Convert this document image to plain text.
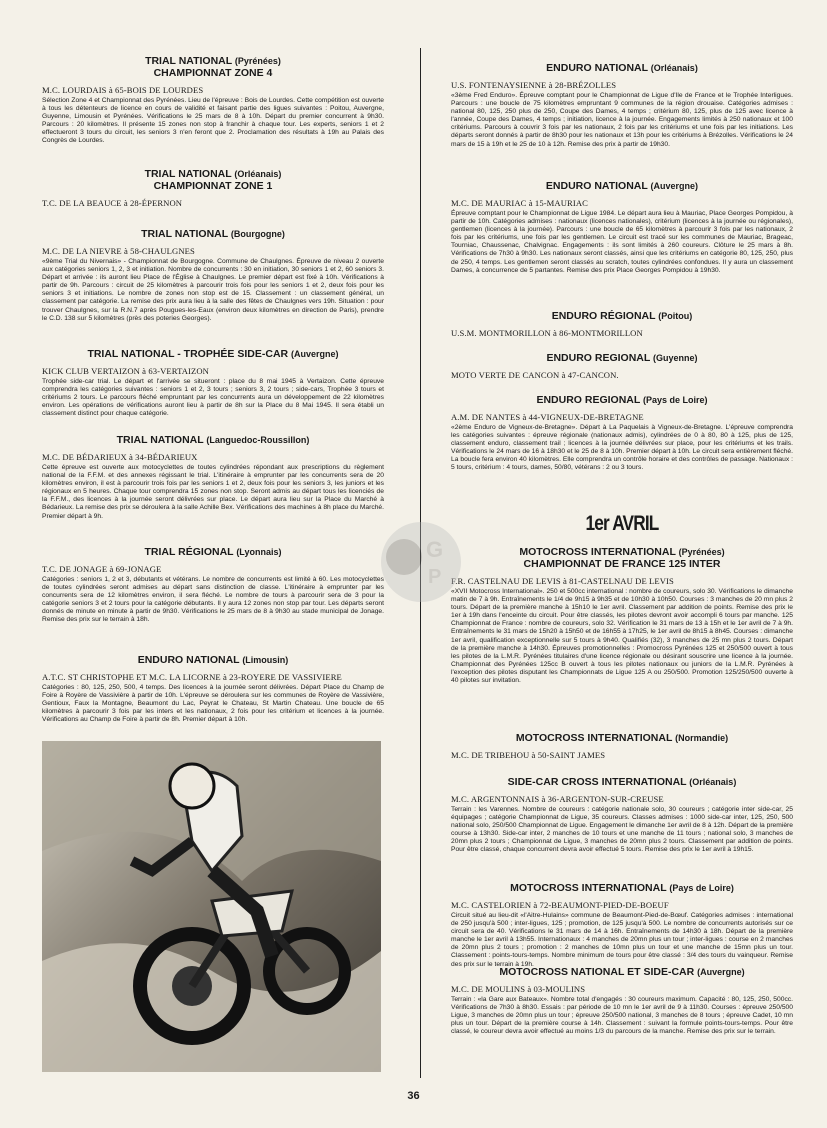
TRIAL NATIONAL (Pyrénées)

CHAMPIONNAT ZONE 4

M.C. LOURDAIS à 65-BOIS DE LOURDES

Sélection Zone 4 et Championnat des Pyrénées. Lieu de l'épreuve : Bois de Lourdes. Cette compétition est ouverte à tous les détenteurs de licence en cours de validité et faisant partie des ligues suivantes : Poitou, Auvergne, Guyenne, Limousin et Pyrénées. Vérifications le 25 mars de 8 à 10h. Départ du premier concurrent à 9h30. Parcours : 20 kilomètres. Il présente 15 zones non stop à franchir à chaque tour. Les experts, seniors 1 et 2 effectueront 3 tours du circuit, les seniors 3 n'en feront que 2. Proclamation des résultats à 19h au Palais des Congrès de Lourdes.

TRIAL NATIONAL (Orléanais)

CHAMPIONNAT ZONE 1

T.C. DE LA BEAUCE à 28-ÉPERNON

TRIAL NATIONAL (Bourgogne)

M.C. DE LA NIEVRE à 58-CHAULGNES

«9ème Trial du Nivernais» - Championnat de Bourgogne. Commune de Chaulgnes. Épreuve de niveau 2 ouverte aux catégories seniors 1, 2, 3 et initiation. Nombre de concurrents : 30 en initiation, 30 seniors 1 et 2, 60 seniors 3. Départ et arrivée : ils auront lieu Place de l'Église à Chaulgnes. Le premier départ est fixé à 10h. Vérifications à partir de 9h. Parcours : circuit de 25 kilomètres à parcourir trois fois pour les seniors 1 et 2, deux fois pour les seniors 3 et initiations. Le nombre de zones non stop est de 15. Classement : un classement général, un classement par catégorie. La remise des prix aura lieu à la salle des fêtes de Chaulgnes vers 19h. Situation : pour trouver Chaulgnes, sur la R.N.7 après Pougues-les-Eaux (environ deux kilomètres en direction de Paris), prendre le C.D. 138 sur 5 kilomètres (près des poteries Georges).

TRIAL NATIONAL - TROPHÉE SIDE-CAR (Auvergne)

KICK CLUB VERTAIZON à 63-VERTAIZON

Trophée side-car trial. Le départ et l'arrivée se situeront : place du 8 mai 1945 à Vertaizon. Cette épreuve comprendra les catégories suivantes : seniors 1 et 2, 3 tours ; seniors 3, 2 tours ; side-cars, Trophée 3 tours et critériums 2 tours. Le parcours fléché empruntant par les concurrents aura un développement de 22 kilomètres environ. Les opérations de vérifications auront lieu à partir de 8h sur la Place du 8 Mai 1945. Il sera établi un classement distinct pour chaque catégorie.

TRIAL NATIONAL (Languedoc-Roussillon)

M.C. DE BÉDARIEUX à 34-BÉDARIEUX

Cette épreuve est ouverte aux motocyclettes de toutes cylindrées répondant aux prescriptions du règlement national de la F.F.M. et des annexes régissant le trial. L'itinéraire à emprunter par les concurrents sera de 20 kilomètres environ, il est à parcourir trois fois par les seniors 1 et 2, deux fois pour les seniors 3, les juniors et les régionaux en 5 heures. Chaque tour comprendra 15 zones non stop. Seront admis au départ tous les licenciés de la F.F.M., des licences à la journée seront délivrées sur place. Le départ aura lieu sur la Place du Marché à Bédarieux. La remise des prix se déroulera à la salle Achille Bex. Vérifications des machines à 8h place du Marché. Premier départ à 9h.

TRIAL RÉGIONAL (Lyonnais)

T.C. DE JONAGE à 69-JONAGE

Catégories : seniors 1, 2 et 3, débutants et vétérans. Le nombre de concurrents est limité à 60. Les motocyclettes de toutes cylindrées seront admises au départ sans distinction de classe. L'itinéraire à emprunter par les concurrents sera de 12 kilomètres environ, il sera fléché. Le nombre de tours à parcourir sera de 3 pour la catégorie seniors 3 et 2 tours pour la catégorie débutants. Il y aura 12 zones non stop par tour. Les départs seront donnés de minute en minute à partir de 9h30. Vérifications le 25 mars de 8 à 9h30 au stade municipal de Jonage. Remise des prix sur le terrain à 18h.

ENDURO NATIONAL (Limousin)

A.T.C. ST CHRISTOPHE ET M.C. LA LICORNE à 23-ROYERE DE VASSIVIERE

Catégories : 80, 125, 250, 500, 4 temps. Des licences à la journée seront délivrées. Départ Place du Champ de Foire à Royère de Vassivière à partir de 10h. L'épreuve se déroulera sur les communes de Royère de Vassivière, Gentioux, Faux la Montagne, Beaumont du Lac, Peyrat le Chateau, St Martin Chateau. Une boucle de 65 kilomètres à parcourir 3 fois par les inters et les nationaux, 2 fois pour les critérium et licences à la journée. Vérifications au Champ de Foire à partir de 8h. Premier départ à 10h.

ENDURO NATIONAL (Orléanais)

U.S. FONTENAYSIENNE à 28-BRÉZOLLES

«3ème Fred Enduro». Épreuve comptant pour le Championnat de Ligue d'Ile de France et le Trophée Interligues. Parcours : une boucle de 75 kilomètres empruntant 9 communes de la région drouaise. Catégories admises : national 80, 125, 250 plus de 250, Coupe des Dames, 4 temps ; critérium 80, 125, plus de 125 avec licence à l'année, Coupe des Dames, 4 temps ; initiation, licence à la journée. Engagements limités à 250 nationaux et 100 critériums. Parcours à couvrir 3 fois par les nationaux, 2 fois par les critériums et une fois par les initiations. Les départs seront donnés à partir de 8h30 pour les nationaux et 13h pour les critériums à Brézolles. Vérifications le 24 mars de 15 à 19h et le 25 de 10 à 12h. Remise des prix à partir de 19h30.

ENDURO NATIONAL (Auvergne)

M.C. DE MAURIAC à 15-MAURIAC

Épreuve comptant pour le Championnat de Ligue 1984. Le départ aura lieu à Mauriac, Place Georges Pompidou, à partir de 10h. Catégories admises : nationaux (licences nationales), critérium (licences à la journée ou régionales), gentlemen (licences à la journée). Parcours : une boucle de 65 kilomètres à parcourir 3 fois par les nationaux, 2 fois par les critériums, une fois par les gentlemen. Le circuit est tracé sur les communes de Mauriac, Brageac, Tourniac, Chaussenac, Chalvignac. Engagements : ils sont limités à 260 coureurs. Clôture le 25 mars à 8h. Vérifications de 7h30 à 9h30. Les nationaux seront classés, ainsi que les critériums en catégorie 80, 125, 250, plus de 250, 4 temps. Les gentlemen seront classés au scratch, toutes cylindrées confondues. Il y aura un classement Dames, à concurrence de 5 partantes. Remise des prix Place Georges Pompidou à 19h30.

ENDURO RÉGIONAL (Poitou)

U.S.M. MONTMORILLON à 86-MONTMORILLON

ENDURO REGIONAL (Guyenne)

MOTO VERTE DE CANCON à 47-CANCON.

ENDURO REGIONAL (Pays de Loire)

A.M. DE NANTES à 44-VIGNEUX-DE-BRETAGNE

«2ème Enduro de Vigneux-de-Bretagne». Départ à La Paquelais à Vigneux-de-Bretagne. L'épreuve comprendra les catégories suivantes : épreuve régionale (nationaux admis), cylindrées de 0 à 80, 80 à 125, plus de 125, classement enduro, classement trail ; licences à la journée délivrées sur place, pour les critériums et les trails. Vérifications le 24 mars de 16 à 18h30 et le 25 de 8 à 10h. Premier départ à 10h. Le circuit sera entièrement fléché. La boucle fera environ 40 kilomètres. Elle comprendra un contrôle horaire et des contrôles de passage. Nationaux : 5 tours, critérium : 4 tours, dames, 50/80, vétérans : 2 ou 3 tours.

MOTOCROSS INTERNATIONAL (Pyrénées)

CHAMPIONNAT DE FRANCE 125 INTER

F.R. CASTELNAU DE LEVIS à 81-CASTELNAU DE LEVIS

«XVII Motocross International». 250 et 500cc international : nombre de coureurs, solo 30. Vérifications le dimanche matin de 7 à 9h. Entraînements le 1/4 de 9h15 à 9h35 et de 10h30 à 10h50. Courses : 3 manches de 20 mn plus 2 tours. Départ de la première manche à 15h10 le 1er avril. Classement par addition de points. Remise des prix le 1er à 19h dans l'enceinte du circuit. Pour être classés, les pilotes devront avoir accompli 6 tours par manche. 125 Championnat de France : nombre de coureurs, solo 32. Vérification le 31 mars de 13 à 15h et le 1er avril de 7 à 9h. Entraînements le 31 mars de 15h20 à 15h50 et de 16h55 à 17h25, le 1er avril de 8h15 à 8h45. Courses : dimanche 1er avril, qualification exceptionnelle sur 5 tours à 9h40. Qualifiés (32), 3 manches de 25 mn plus 2 tours. Départ de la première manche à 14h30. Épreuves promotionnelles : Promocross Pyrénées 125 et 250/500 ouvert à tous les pilotes de la L.M.R. Pyrénées titulaires d'une licence régionale ou désirant souscrire une licence à la journée. Championnat des Pyrénées 125cc B ouvert à tous les pilotes nationaux ou juniors de la L.M.R. Pyrénées à l'exception des pilotes disputant les Championnats de Ligue 125 A ou 250/500. Promotion 125/250/500 ouverte à 40 pilotes sur invitation.

MOTOCROSS INTERNATIONAL (Normandie)

M.C. DE TRIBEHOU à 50-SAINT JAMES

SIDE-CAR CROSS INTERNATIONAL (Orléanais)

M.C. ARGENTONNAIS à 36-ARGENTON-SUR-CREUSE

Terrain : les Varennes. Nombre de coureurs : catégorie nationale solo, 30 coureurs ; catégorie inter side-car, 25 équipages ; catégorie Championnat de Ligue, 35 coureurs. Classes admises : 1000 side-car inter, 125, 250, 500 national solo, 250/500 Championnat de Ligue. Engagement le dimanche 1er avril de 8 à 12h. Départ de la première course à 13h30. Side-car inter, 2 manches de 10 tours et une manche de 11 tours ; national solo, 3 manches de 20mn plus 2 tours ; Championnat de Ligue, 3 manches de 20mn plus 2 tours. Classement par addition de points. Pour être classé, chaque concurrent devra avoir effectué 5 tours. Remise des prix le 1er avril à 19h15.

MOTOCROSS INTERNATIONAL (Pays de Loire)

M.C. CASTELORIEN à 72-BEAUMONT-PIED-DE-BOEUF

Circuit situé au lieu-dit «l'Aitre-Hulains» commune de Beaumont-Pied-de-Bœuf. Catégories admises : international de 250 jusqu'à 500 ; inter-ligues, 125 ; promotion, de 125 jusqu'à 500. Le nombre de concurrents autorisés sur ce circuit sera de 40. Vérifications le 31 mars de 14 à 16h. Entraînements de 14h30 à 18h. Départ de la première manche le 1er avril à 13h55. Internationaux : 4 manches de 20mn plus un tour ; inter-ligues : course en 2 manches de 20mn plus 2 tours ; promotion : 2 manches de 10mn plus un tour et une manche de 15mn plus un tour. Classement : points-tours-temps. Nombre minimum de tours pour être classé : 3/4 des tours du vainqueur. Remise des prix sur le terrain à 19h.

MOTOCROSS NATIONAL ET SIDE-CAR (Auvergne)

M.C. DE MOULINS à 03-MOULINS

Terrain : «la Gare aux Bateaux». Nombre total d'engagés : 30 coureurs maximum. Capacité : 80, 125, 250, 500cc. Vérifications de 7h30 à 8h30. Essais : par période de 10 mn le 1er avril de 9 à 11h30. Courses : épreuve 250/500 Ligue, 3 manches de 20mn plus un tour ; épreuve 250/500 national, 3 manches de 8 tours ; épreuve Cadet, 10 mn plus un tour. Départ de la première course à 14h. Classement : suivant la formule points-tours-temps. Pour être classé, le coureur devra avoir effectué au moins 1/3 du parcours de la manche. Remise des prix sur le terrain.

1er AVRIL
G
P
36
